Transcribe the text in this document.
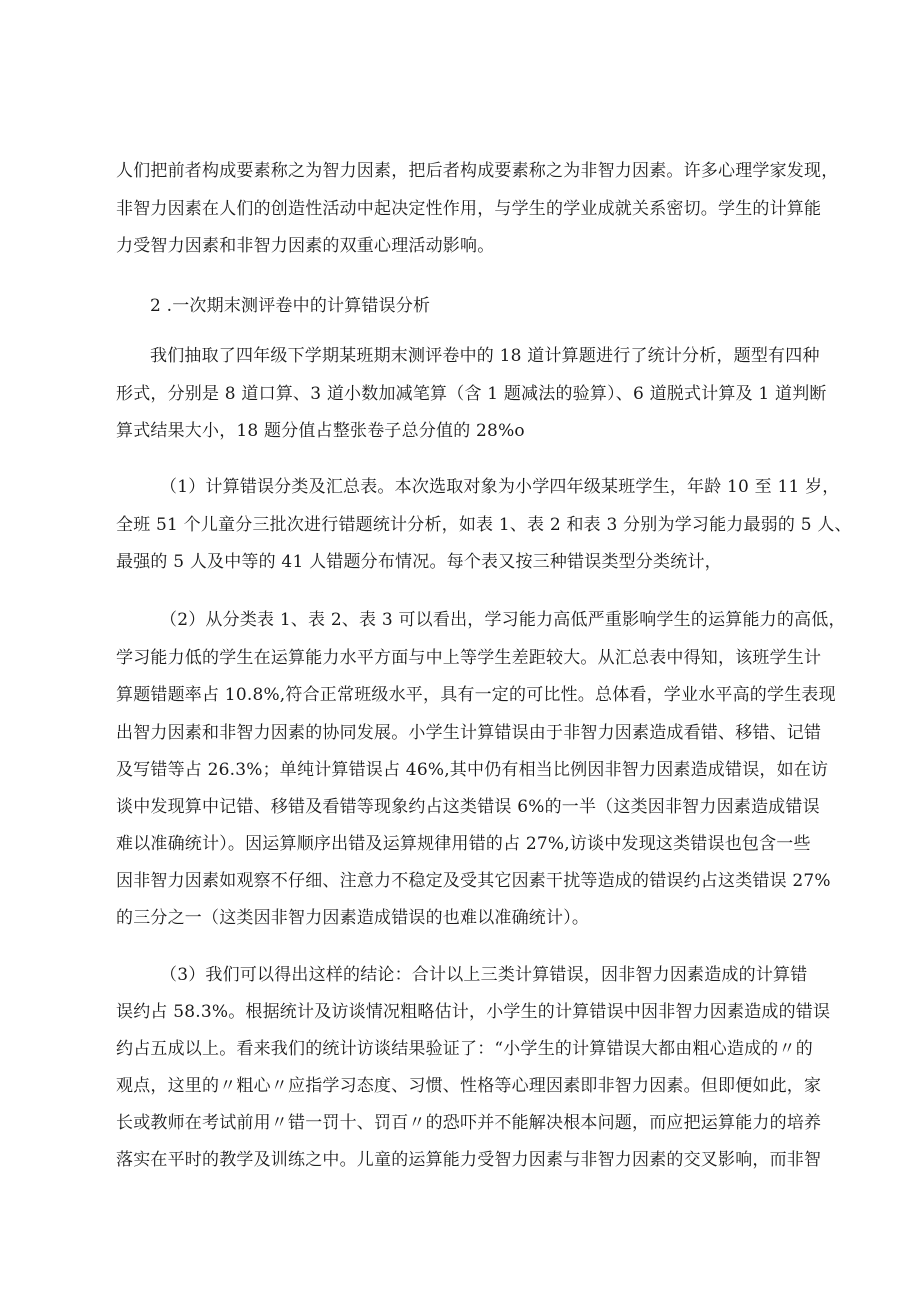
人们把前者构成要素称之为智力因素，把后者构成要素称之为非智力因素。许多心理学家发现，
非智力因素在人们的创造性活动中起决定性作用，与学生的学业成就关系密切。学生的计算能
力受智力因素和非智力因素的双重心理活动影响。
2 .一次期末测评卷中的计算错误分析
我们抽取了四年级下学期某班期末测评卷中的 18 道计算题进行了统计分析，题型有四种
形式，分别是 8 道口算、3 道小数加减笔算（含 1 题减法的验算）、6 道脱式计算及 1 道判断
算式结果大小，18 题分值占整张卷子总分值的 28%o
（1）计算错误分类及汇总表。本次选取对象为小学四年级某班学生，年龄 10 至 11 岁，
全班 51 个儿童分三批次进行错题统计分析，如表 1、表 2 和表 3 分别为学习能力最弱的 5 人、
最强的 5 人及中等的 41 人错题分布情况。每个表又按三种错误类型分类统计，
（2）从分类表 1、表 2、表 3 可以看出，学习能力高低严重影响学生的运算能力的高低，
学习能力低的学生在运算能力水平方面与中上等学生差距较大。从汇总表中得知，该班学生计
算题错题率占 10.8%,符合正常班级水平，具有一定的可比性。总体看，学业水平高的学生表现
出智力因素和非智力因素的协同发展。小学生计算错误由于非智力因素造成看错、移错、记错
及写错等占 26.3%；单纯计算错误占 46%,其中仍有相当比例因非智力因素造成错误，如在访
谈中发现算中记错、移错及看错等现象约占这类错误 6%的一半（这类因非智力因素造成错误
难以准确统计）。因运算顺序出错及运算规律用错的占 27%,访谈中发现这类错误也包含一些
因非智力因素如观察不仔细、注意力不稳定及受其它因素干扰等造成的错误约占这类错误 27%
的三分之一（这类因非智力因素造成错误的也难以准确统计）。
（3）我们可以得出这样的结论：合计以上三类计算错误，因非智力因素造成的计算错
误约占 58.3%。根据统计及访谈情况粗略估计，小学生的计算错误中因非智力因素造成的错误
约占五成以上。看来我们的统计访谈结果验证了：“小学生的计算错误大都由粗心造成的〃的
观点，这里的〃粗心〃应指学习态度、习惯、性格等心理因素即非智力因素。但即便如此，家
长或教师在考试前用〃错一罚十、罚百〃的恐吓并不能解决根本问题，而应把运算能力的培养
落实在平时的教学及训练之中。儿童的运算能力受智力因素与非智力因素的交叉影响，而非智
